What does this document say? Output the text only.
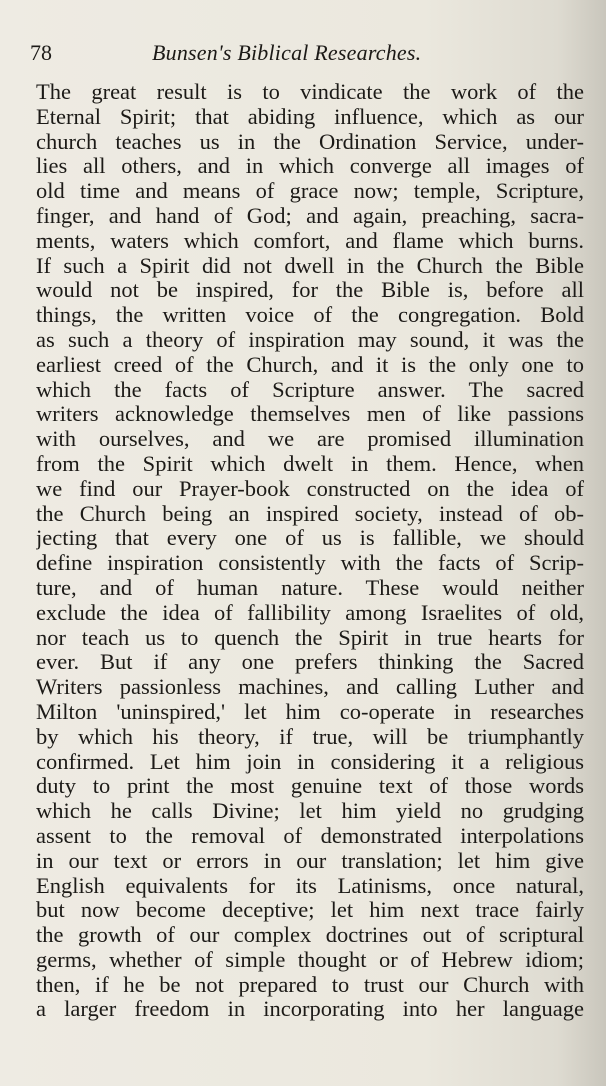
78	Bunsen's Biblical Researches.
The great result is to vindicate the work of the
Eternal Spirit; that abiding influence, which as our
church teaches us in the Ordination Service, under-
lies all others, and in which converge all images of
old time and means of grace now; temple, Scripture,
finger, and hand of God; and again, preaching, sacra-
ments, waters which comfort, and flame which burns.
If such a Spirit did not dwell in the Church the Bible
would not be inspired, for the Bible is, before all
things, the written voice of the congregation. Bold
as such a theory of inspiration may sound, it was the
earliest creed of the Church, and it is the only one to
which the facts of Scripture answer. The sacred
writers acknowledge themselves men of like passions
with ourselves, and we are promised illumination
from the Spirit which dwelt in them. Hence, when
we find our Prayer-book constructed on the idea of
the Church being an inspired society, instead of ob-
jecting that every one of us is fallible, we should
define inspiration consistently with the facts of Scrip-
ture, and of human nature. These would neither
exclude the idea of fallibility among Israelites of old,
nor teach us to quench the Spirit in true hearts for
ever. But if any one prefers thinking the Sacred
Writers passionless machines, and calling Luther and
Milton 'uninspired,' let him co-operate in researches
by which his theory, if true, will be triumphantly
confirmed. Let him join in considering it a religious
duty to print the most genuine text of those words
which he calls Divine; let him yield no grudging
assent to the removal of demonstrated interpolations
in our text or errors in our translation; let him give
English equivalents for its Latinisms, once natural,
but now become deceptive; let him next trace fairly
the growth of our complex doctrines out of scriptural
germs, whether of simple thought or of Hebrew idiom;
then, if he be not prepared to trust our Church with
a larger freedom in incorporating into her language
